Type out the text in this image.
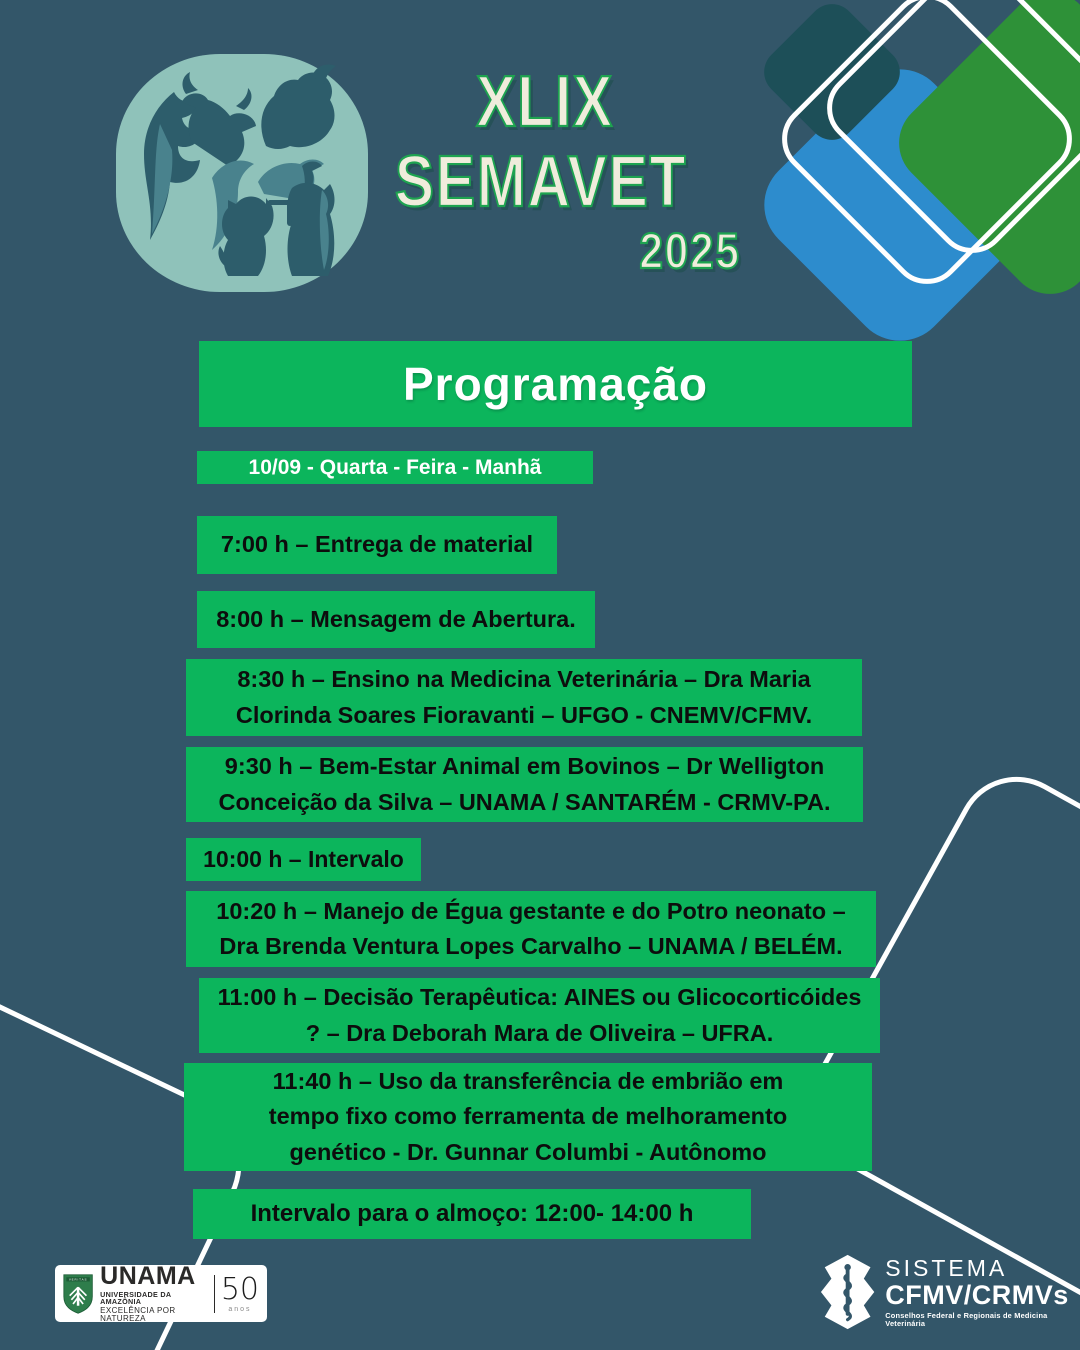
XLIX
SEMAVET
2025
Programação
10/09 - Quarta - Feira - Manhã
7:00 h – Entrega de material
8:00 h – Mensagem de Abertura.
8:30 h – Ensino na Medicina Veterinária – Dra Maria Clorinda Soares Fioravanti – UFGO - CNEMV/CFMV.
9:30 h – Bem-Estar Animal em Bovinos – Dr Welligton Conceição da Silva – UNAMA / SANTARÉM - CRMV-PA.
10:00 h – Intervalo
10:20 h – Manejo de Égua gestante e do Potro neonato – Dra Brenda Ventura Lopes Carvalho – UNAMA / BELÉM.
11:00 h – Decisão Terapêutica: AINES ou Glicocorticóides ? – Dra Deborah Mara de Oliveira – UFRA.
11:40 h – Uso da transferência de embrião em tempo fixo como ferramenta de melhoramento genético - Dr. Gunnar Columbi - Autônomo
Intervalo para o almoço: 12:00- 14:00 h
VERITAS UNAMA
UNIVERSIDADE DA AMAZÔNIA
EXCELÊNCIA POR NATUREZA
50
anos
SISTEMA
CFMV/CRMVs
Conselhos Federal e Regionais de Medicina Veterinária
